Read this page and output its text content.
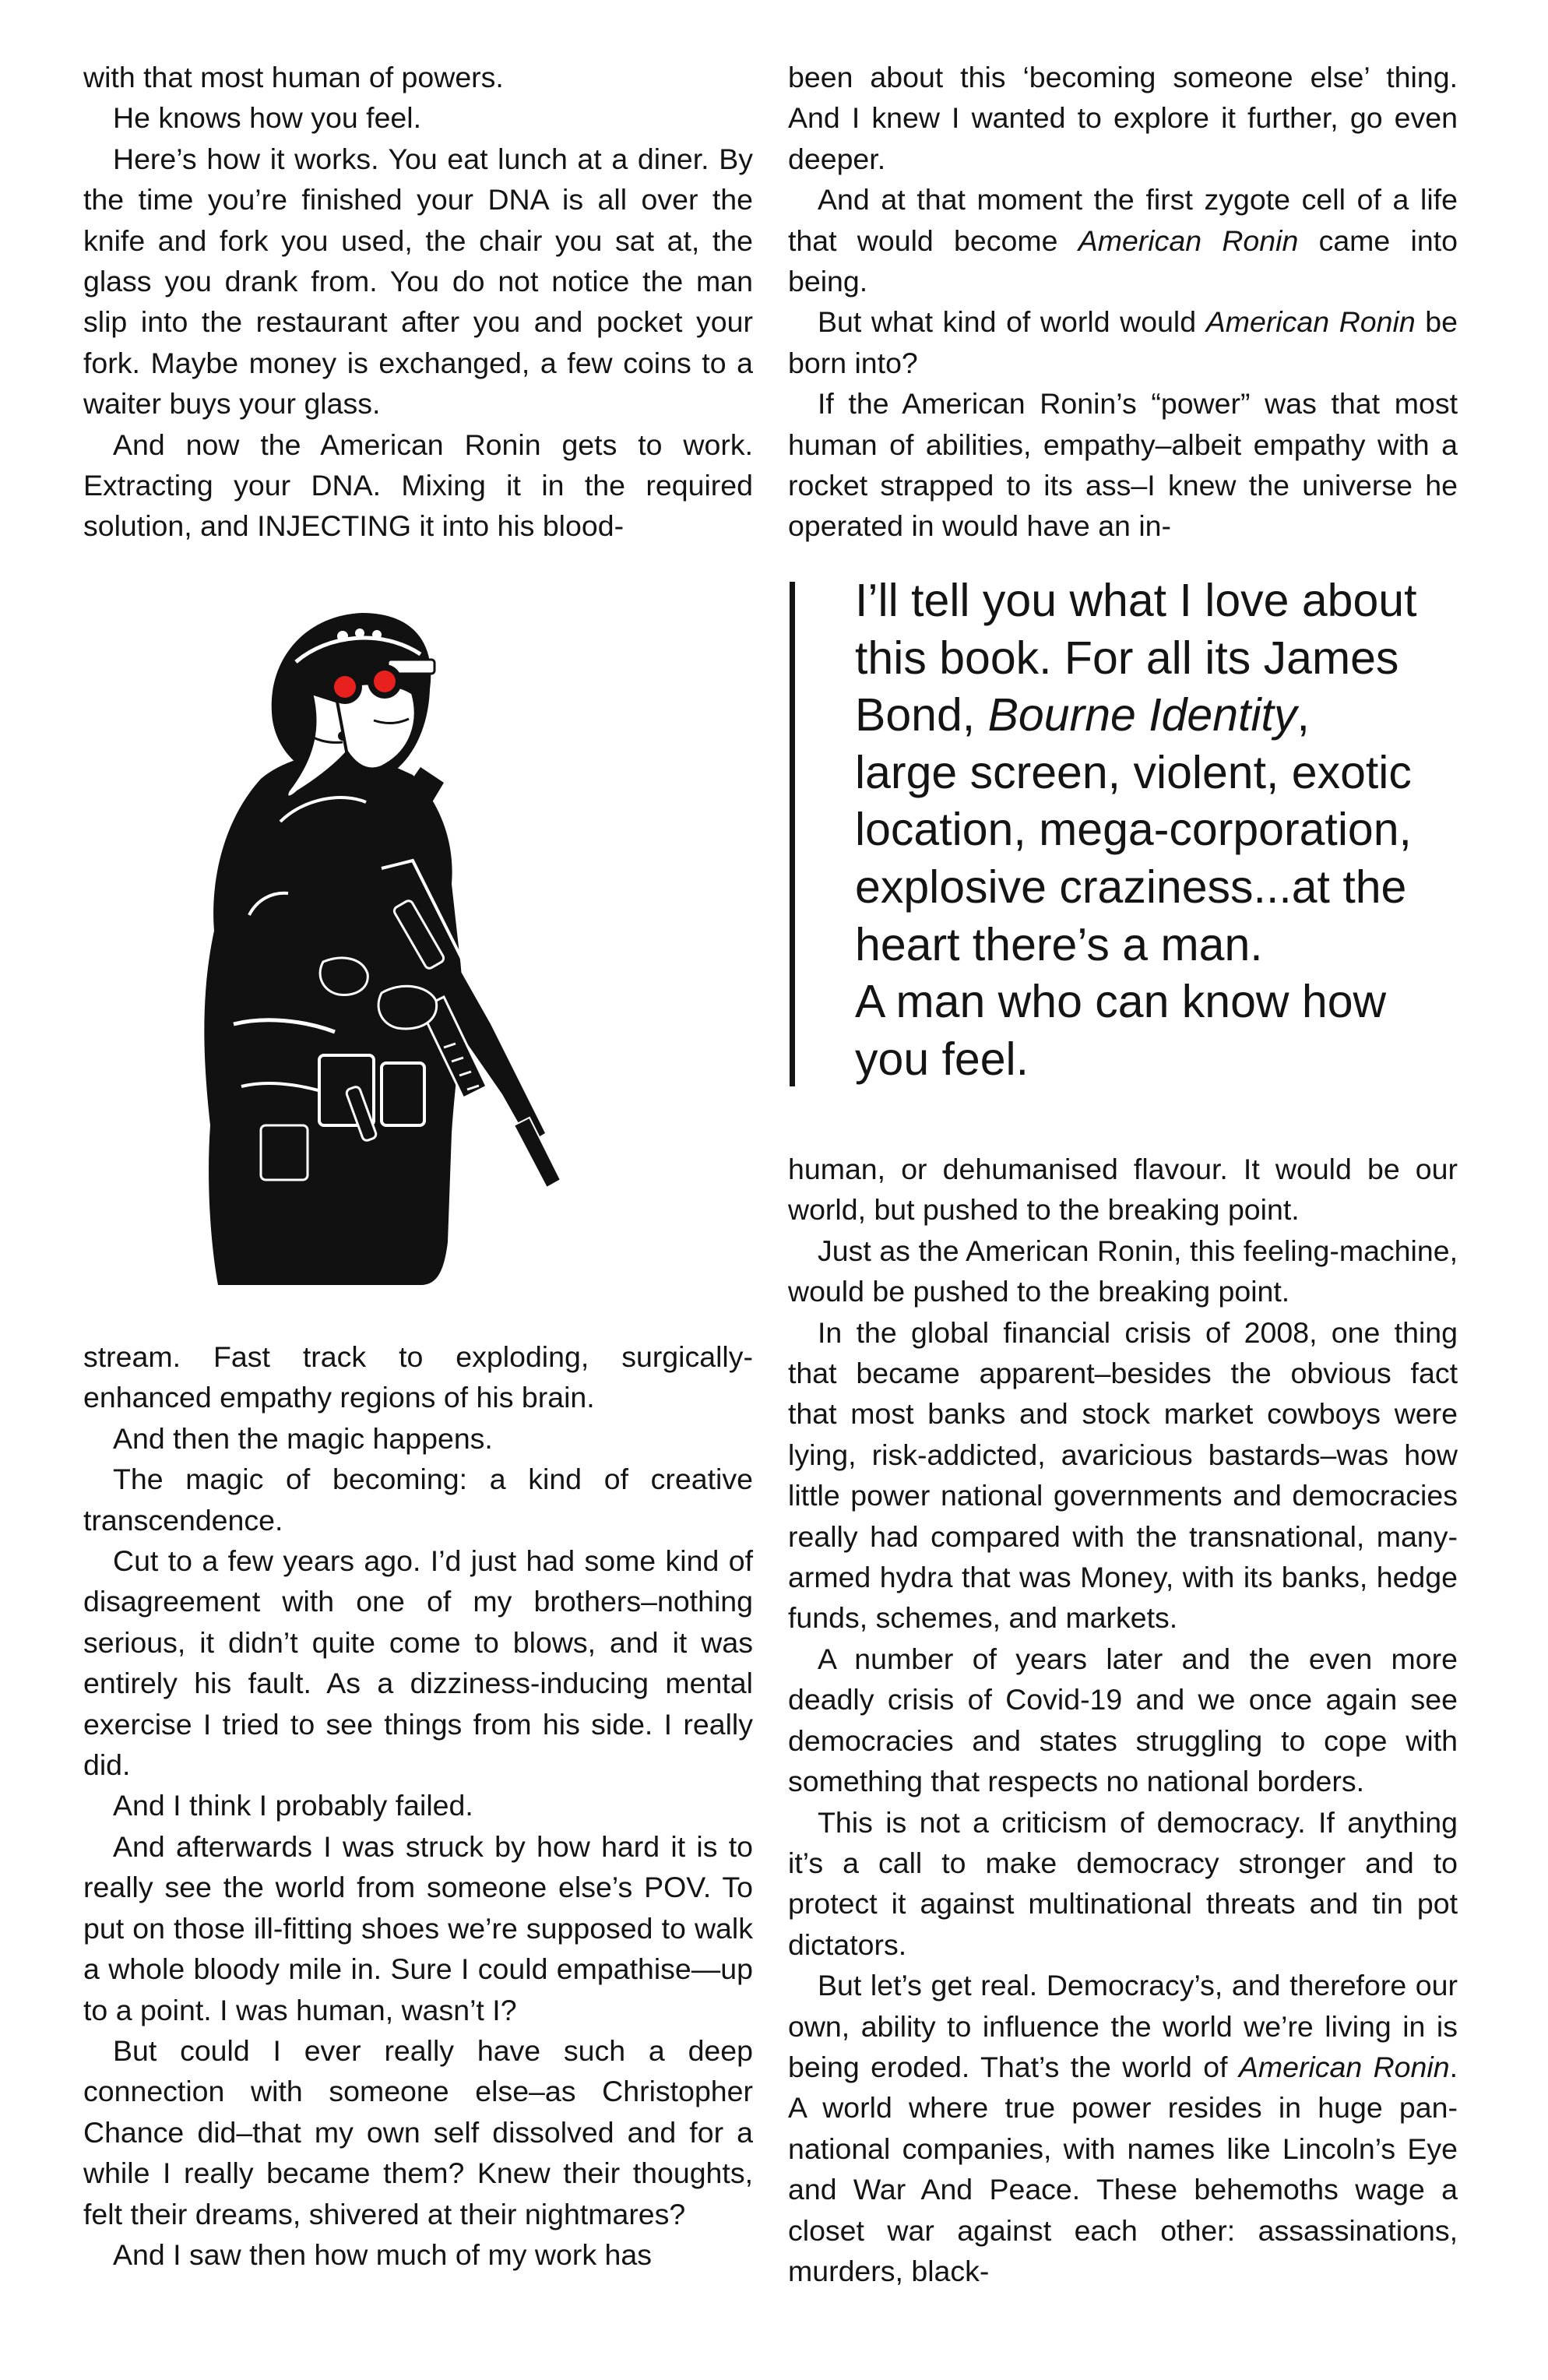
with that most human of powers.

He knows how you feel.

Here’s how it works. You eat lunch at a diner. By the time you’re finished your DNA is all over the knife and fork you used, the chair you sat at, the glass you drank from. You do not notice the man slip into the restaurant after you and pocket your fork. Maybe money is exchanged, a few coins to a waiter buys your glass.

And now the American Ronin gets to work. Extracting your DNA. Mixing it in the required solution, and INJECTING it into his blood-

stream. Fast track to exploding, surgically-enhanced empathy regions of his brain.

And then the magic happens.

The magic of becoming: a kind of creative transcendence.

Cut to a few years ago. I’d just had some kind of disagreement with one of my brothers–nothing serious, it didn’t quite come to blows, and it was entirely his fault. As a dizziness-inducing mental exercise I tried to see things from his side. I really did.

And I think I probably failed.

And afterwards I was struck by how hard it is to really see the world from someone else’s POV. To put on those ill-fitting shoes we’re supposed to walk a whole bloody mile in. Sure I could empathise—up to a point. I was human, wasn’t I?

But could I ever really have such a deep connection with someone else–as Christopher Chance did–that my own self dissolved and for a while I really became them? Knew their thoughts, felt their dreams, shivered at their nightmares?

And I saw then how much of my work has

been about this ‘becoming someone else’ thing. And I knew I wanted to explore it further, go even deeper.

And at that moment the first zygote cell of a life that would become American Ronin came into being.

But what kind of world would American Ronin be born into?

If the American Ronin’s “power” was that most human of abilities, empathy–albeit empathy with a rocket strapped to its ass–I knew the universe he operated in would have an in-

I’ll tell you what I love about
this book. For all its James
Bond, Bourne Identity,
large screen, violent, exotic
location, mega-corporation,
explosive craziness...at the
heart there’s a man.
A man who can know how
you feel.

human, or dehumanised flavour. It would be our world, but pushed to the breaking point.

Just as the American Ronin, this feeling-machine, would be pushed to the breaking point.

In the global financial crisis of 2008, one thing that became apparent–besides the obvious fact that most banks and stock market cowboys were lying, risk-addicted, avaricious bastards–was how little power national governments and democracies really had compared with the transnational, many-armed hydra that was Money, with its banks, hedge funds, schemes, and markets.

A number of years later and the even more deadly crisis of Covid-19 and we once again see democracies and states struggling to cope with something that respects no national borders.

This is not a criticism of democracy. If anything it’s a call to make democracy stronger and to protect it against multinational threats and tin pot dictators.

But let’s get real. Democracy’s, and therefore our own, ability to influence the world we’re living in is being eroded. That’s the world of American Ronin. A world where true power resides in huge pan-national companies, with names like Lincoln’s Eye and War And Peace. These behemoths wage a closet war against each other: assassinations, murders, black-
